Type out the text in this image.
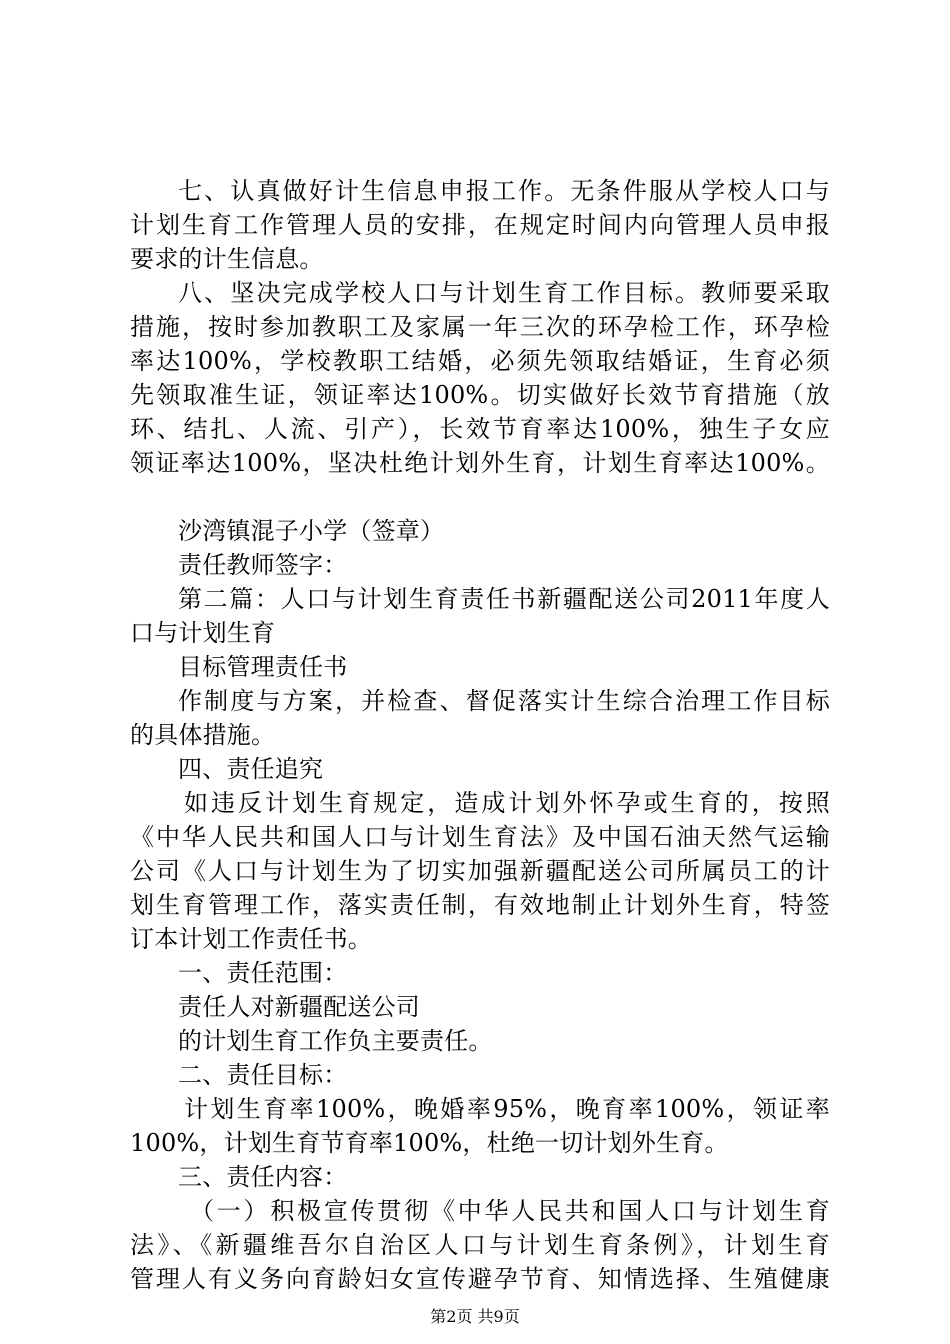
七、认真做好计生信息申报工作。无条件服从学校人口与
计划生育工作管理人员的安排，在规定时间内向管理人员申报
要求的计生信息。
八、坚决完成学校人口与计划生育工作目标。教师要采取
措施，按时参加教职工及家属一年三次的环孕检工作，环孕检
率达100%，学校教职工结婚，必须先领取结婚证，生育必须
先领取准生证，领证率达100%。切实做好长效节育措施（放
环、结扎、人流、引产），长效节育率达100%，独生子女应
领证率达100%，坚决杜绝计划外生育，计划生育率达100%。
沙湾镇混子小学（签章）
责任教师签字：
第二篇：人口与计划生育责任书新疆配送公司2011年度人
口与计划生育
目标管理责任书
作制度与方案，并检查、督促落实计生综合治理工作目标
的具体措施。
四、责任追究
如违反计划生育规定，造成计划外怀孕或生育的，按照
《中华人民共和国人口与计划生育法》及中国石油天然气运输
公司《人口与计划生为了切实加强新疆配送公司所属员工的计
划生育管理工作，落实责任制，有效地制止计划外生育，特签
订本计划工作责任书。
一、责任范围：
责任人对新疆配送公司
的计划生育工作负主要责任。
二、责任目标：
计划生育率100%，晚婚率95%，晚育率100%，领证率
100%，计划生育节育率100%，杜绝一切计划外生育。
三、责任内容：
（一）积极宣传贯彻《中华人民共和国人口与计划生育
法》、《新疆维吾尔自治区人口与计划生育条例》，计划生育
管理人有义务向育龄妇女宣传避孕节育、知情选择、生殖健康
第2页 共9页
